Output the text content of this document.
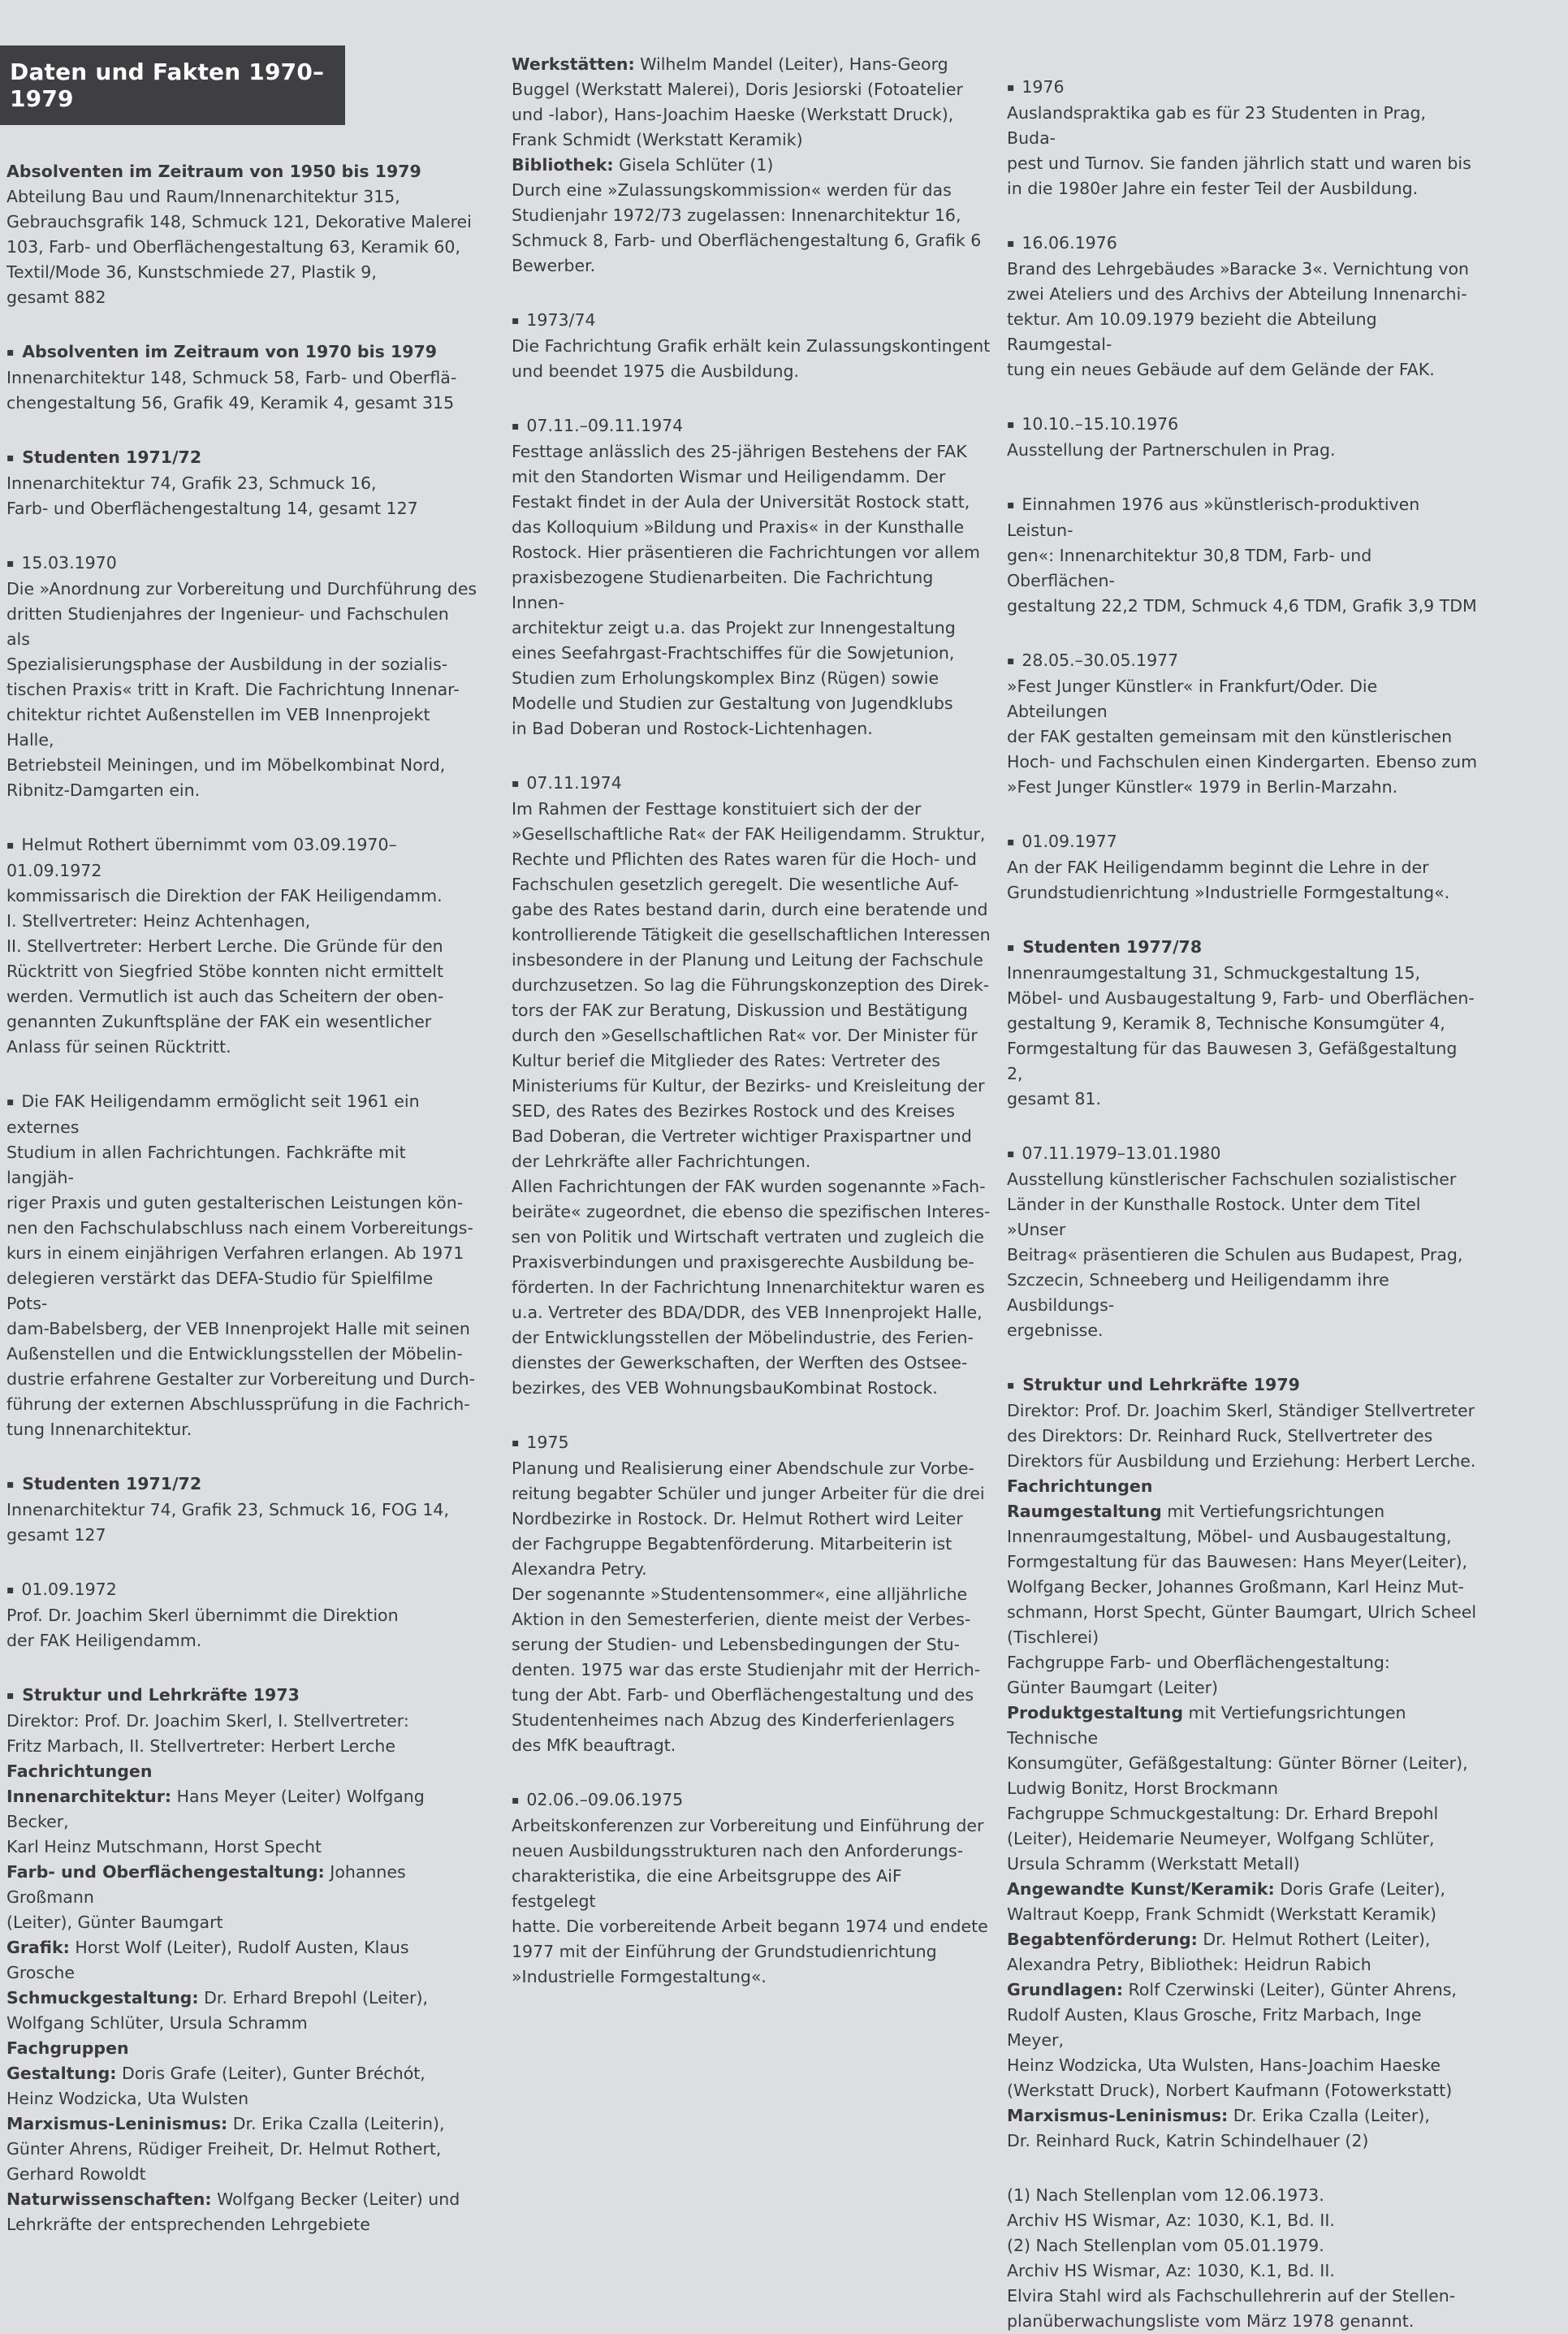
Daten und Fakten 1970–1979
Absolventen im Zeitraum von 1950 bis 1979
Abteilung Bau und Raum/Innenarchitektur 315,
Gebrauchsgrafik 148, Schmuck 121, Dekorative Malerei
103, Farb- und Oberflächengestaltung 63, Keramik 60,
Textil/Mode 36, Kunstschmiede 27, Plastik 9,
gesamt 882
▪  Absolventen im Zeitraum von 1970 bis 1979
Innenarchitektur 148, Schmuck 58, Farb- und Oberflä-
chengestaltung 56, Grafik 49, Keramik 4, gesamt 315
▪  Studenten 1971/72
Innenarchitektur 74, Grafik 23, Schmuck 16,
Farb- und Oberflächengestaltung 14, gesamt 127
▪  15.03.1970
Die »Anordnung zur Vorbereitung und Durchführung des
dritten Studienjahres der Ingenieur- und Fachschulen als
Spezialisierungsphase der Ausbildung in der sozialis-
tischen Praxis« tritt in Kraft. Die Fachrichtung Innenar-
chitektur richtet Außenstellen im VEB Innenprojekt Halle,
Betriebsteil Meiningen, und im Möbelkombinat Nord,
Ribnitz-Damgarten ein.
▪  Helmut Rothert übernimmt vom 03.09.1970–01.09.1972
kommissarisch die Direktion der FAK Heiligendamm.
I. Stellvertreter: Heinz Achtenhagen,
II. Stellvertreter: Herbert Lerche. Die Gründe für den
Rücktritt von Siegfried Stöbe konnten nicht ermittelt
werden. Vermutlich ist auch das Scheitern der oben-
genannten Zukunftspläne der FAK ein wesentlicher
Anlass für seinen Rücktritt.
▪  Die FAK Heiligendamm ermöglicht seit 1961 ein externes
Studium in allen Fachrichtungen. Fachkräfte mit langjäh-
riger Praxis und guten gestalterischen Leistungen kön-
nen den Fachschulabschluss nach einem Vorbereitungs-
kurs in einem einjährigen Verfahren erlangen. Ab 1971
delegieren verstärkt das DEFA-Studio für Spielfilme Pots-
dam-Babelsberg, der VEB Innenprojekt Halle mit seinen
Außenstellen und die Entwicklungsstellen der Möbelin-
dustrie erfahrene Gestalter zur Vorbereitung und Durch-
führung der externen Abschlussprüfung in die Fachrich-
tung Innenarchitektur.
▪  Studenten 1971/72
Innenarchitektur 74, Grafik 23, Schmuck 16, FOG 14,
gesamt 127
▪  01.09.1972
Prof. Dr. Joachim Skerl übernimmt die Direktion
der FAK Heiligendamm.
▪  Struktur und Lehrkräfte 1973
Direktor: Prof. Dr. Joachim Skerl, I. Stellvertreter:
Fritz Marbach, II. Stellvertreter: Herbert Lerche
Fachrichtungen
Innenarchitektur: Hans Meyer (Leiter) Wolfgang Becker,
Karl Heinz Mutschmann, Horst Specht
Farb- und Oberflächengestaltung: Johannes Großmann
(Leiter), Günter Baumgart
Grafik: Horst Wolf (Leiter), Rudolf Austen, Klaus Grosche
Schmuckgestaltung: Dr. Erhard Brepohl (Leiter),
Wolfgang Schlüter, Ursula Schramm
Fachgruppen
Gestaltung: Doris Grafe (Leiter), Gunter Bréchót,
Heinz Wodzicka, Uta Wulsten
Marxismus-Leninismus: Dr. Erika Czalla (Leiterin),
Günter Ahrens, Rüdiger Freiheit, Dr. Helmut Rothert,
Gerhard Rowoldt
Naturwissenschaften: Wolfgang Becker (Leiter) und
Lehrkräfte der entsprechenden Lehrgebiete
Werkstätten: Wilhelm Mandel (Leiter), Hans-Georg
Buggel (Werkstatt Malerei), Doris Jesiorski (Fotoatelier
und -labor), Hans-Joachim Haeske (Werkstatt Druck),
Frank Schmidt (Werkstatt Keramik)
Bibliothek: Gisela Schlüter (1)
Durch eine »Zulassungskommission« werden für das
Studienjahr 1972/73 zugelassen: Innenarchitektur 16,
Schmuck 8, Farb- und Oberflächengestaltung 6, Grafik 6
Bewerber.
▪  1973/74
Die Fachrichtung Grafik erhält kein Zulassungskontingent
und beendet 1975 die Ausbildung.
▪  07.11.–09.11.1974
Festtage anlässlich des 25-jährigen Bestehens der FAK
mit den Standorten Wismar und Heiligendamm. Der
Festakt findet in der Aula der Universität Rostock statt,
das Kolloquium »Bildung und Praxis« in der Kunsthalle
Rostock. Hier präsentieren die Fachrichtungen vor allem
praxisbezogene Studienarbeiten. Die Fachrichtung Innen-
architektur zeigt u.a. das Projekt zur Innengestaltung
eines Seefahrgast-Frachtschiffes für die Sowjetunion,
Studien zum Erholungskomplex Binz (Rügen) sowie
Modelle und Studien zur Gestaltung von Jugendklubs
in Bad Doberan und Rostock-Lichtenhagen.
▪  07.11.1974
Im Rahmen der Festtage konstituiert sich der der
»Gesellschaftliche Rat« der FAK Heiligendamm. Struktur,
Rechte und Pflichten des Rates waren für die Hoch- und
Fachschulen gesetzlich geregelt. Die wesentliche Auf-
gabe des Rates bestand darin, durch eine beratende und
kontrollierende Tätigkeit die gesellschaftlichen Interessen
insbesondere in der Planung und Leitung der Fachschule
durchzusetzen. So lag die Führungskonzeption des Direk-
tors der FAK zur Beratung, Diskussion und Bestätigung
durch den »Gesellschaftlichen Rat« vor. Der Minister für
Kultur berief die Mitglieder des Rates: Vertreter des
Ministeriums für Kultur, der Bezirks- und Kreisleitung der
SED, des Rates des Bezirkes Rostock und des Kreises
Bad Doberan, die Vertreter wichtiger Praxispartner und
der Lehrkräfte aller Fachrichtungen.
Allen Fachrichtungen der FAK wurden sogenannte »Fach-
beiräte« zugeordnet, die ebenso die spezifischen Interes-
sen von Politik und Wirtschaft vertraten und zugleich die
Praxisverbindungen und praxisgerechte Ausbildung be-
förderten. In der Fachrichtung Innenarchitektur waren es
u.a. Vertreter des BDA/DDR, des VEB Innenprojekt Halle,
der Entwicklungsstellen der Möbelindustrie, des Ferien-
dienstes der Gewerkschaften, der Werften des Ostsee-
bezirkes, des VEB WohnungsbauKombinat Rostock.
▪  1975
Planung und Realisierung einer Abendschule zur Vorbe-
reitung begabter Schüler und junger Arbeiter für die drei
Nordbezirke in Rostock. Dr. Helmut Rothert wird Leiter
der Fachgruppe Begabtenförderung. Mitarbeiterin ist
Alexandra Petry.
Der sogenannte »Studentensommer«, eine alljährliche
Aktion in den Semesterferien, diente meist der Verbes-
serung der Studien- und Lebensbedingungen der Stu-
denten. 1975 war das erste Studienjahr mit der Herrich-
tung der Abt. Farb- und Oberflächengestaltung und des
Studentenheimes nach Abzug des Kinderferienlagers
des MfK beauftragt.
▪  02.06.–09.06.1975
Arbeitskonferenzen zur Vorbereitung und Einführung der
neuen Ausbildungsstrukturen nach den Anforderungs-
charakteristika, die eine Arbeitsgruppe des AiF festgelegt
hatte. Die vorbereitende Arbeit begann 1974 und endete
1977 mit der Einführung der Grundstudienrichtung
»Industrielle Formgestaltung«.
▪  1976
Auslandspraktika gab es für 23 Studenten in Prag, Buda-
pest und Turnov. Sie fanden jährlich statt und waren bis
in die 1980er Jahre ein fester Teil der Ausbildung.
▪  16.06.1976
Brand des Lehrgebäudes »Baracke 3«. Vernichtung von
zwei Ateliers und des Archivs der Abteilung Innenarchi-
tektur. Am 10.09.1979 bezieht die Abteilung Raumgestal-
tung ein neues Gebäude auf dem Gelände der FAK.
▪  10.10.–15.10.1976
Ausstellung der Partnerschulen in Prag.
▪  Einnahmen 1976 aus »künstlerisch-produktiven Leistun-
gen«: Innenarchitektur 30,8 TDM, Farb- und Oberflächen-
gestaltung 22,2 TDM, Schmuck 4,6 TDM, Grafik 3,9 TDM
▪  28.05.–30.05.1977
»Fest Junger Künstler« in Frankfurt/Oder. Die Abteilungen
der FAK gestalten gemeinsam mit den künstlerischen
Hoch- und Fachschulen einen Kindergarten. Ebenso zum
»Fest Junger Künstler« 1979 in Berlin-Marzahn.
▪  01.09.1977
An der FAK Heiligendamm beginnt die Lehre in der
Grundstudienrichtung »Industrielle Formgestaltung«.
▪  Studenten 1977/78
Innenraumgestaltung 31, Schmuckgestaltung 15,
Möbel- und Ausbaugestaltung 9, Farb- und Oberflächen-
gestaltung 9, Keramik 8, Technische Konsumgüter 4,
Formgestaltung für das Bauwesen 3, Gefäßgestaltung 2,
gesamt 81.
▪  07.11.1979–13.01.1980
Ausstellung künstlerischer Fachschulen sozialistischer
Länder in der Kunsthalle Rostock. Unter dem Titel »Unser
Beitrag« präsentieren die Schulen aus Budapest, Prag,
Szczecin, Schneeberg und Heiligendamm ihre Ausbildungs-
ergebnisse.
▪  Struktur und Lehrkräfte 1979
Direktor: Prof. Dr. Joachim Skerl, Ständiger Stellvertreter
des Direktors: Dr. Reinhard Ruck, Stellvertreter des
Direktors für Ausbildung und Erziehung: Herbert Lerche.
Fachrichtungen
Raumgestaltung mit Vertiefungsrichtungen
Innenraumgestaltung, Möbel- und Ausbaugestaltung,
Formgestaltung für das Bauwesen: Hans Meyer(Leiter),
Wolfgang Becker, Johannes Großmann, Karl Heinz Mut-
schmann, Horst Specht, Günter Baumgart, Ulrich Scheel
(Tischlerei)
Fachgruppe Farb- und Oberflächengestaltung:
Günter Baumgart (Leiter)
Produktgestaltung mit Vertiefungsrichtungen Technische
Konsumgüter, Gefäßgestaltung: Günter Börner (Leiter),
Ludwig Bonitz, Horst Brockmann
Fachgruppe Schmuckgestaltung: Dr. Erhard Brepohl
(Leiter), Heidemarie Neumeyer, Wolfgang Schlüter,
Ursula Schramm (Werkstatt Metall)
Angewandte Kunst/Keramik: Doris Grafe (Leiter),
Waltraut Koepp, Frank Schmidt (Werkstatt Keramik)
Begabtenförderung: Dr. Helmut Rothert (Leiter),
Alexandra Petry, Bibliothek: Heidrun Rabich
Grundlagen: Rolf Czerwinski (Leiter), Günter Ahrens,
Rudolf Austen, Klaus Grosche, Fritz Marbach, Inge Meyer,
Heinz Wodzicka, Uta Wulsten, Hans-Joachim Haeske
(Werkstatt Druck), Norbert Kaufmann (Fotowerkstatt)
Marxismus-Leninismus: Dr. Erika Czalla (Leiter),
Dr. Reinhard Ruck, Katrin Schindelhauer (2)
(1) Nach Stellenplan vom 12.06.1973.
Archiv HS Wismar, Az: 1030, K.1, Bd. II.
(2) Nach Stellenplan vom 05.01.1979.
Archiv HS Wismar, Az: 1030, K.1, Bd. II.
Elvira Stahl wird als Fachschullehrerin auf der Stellen-
planüberwachungsliste vom März 1978 genannt.
